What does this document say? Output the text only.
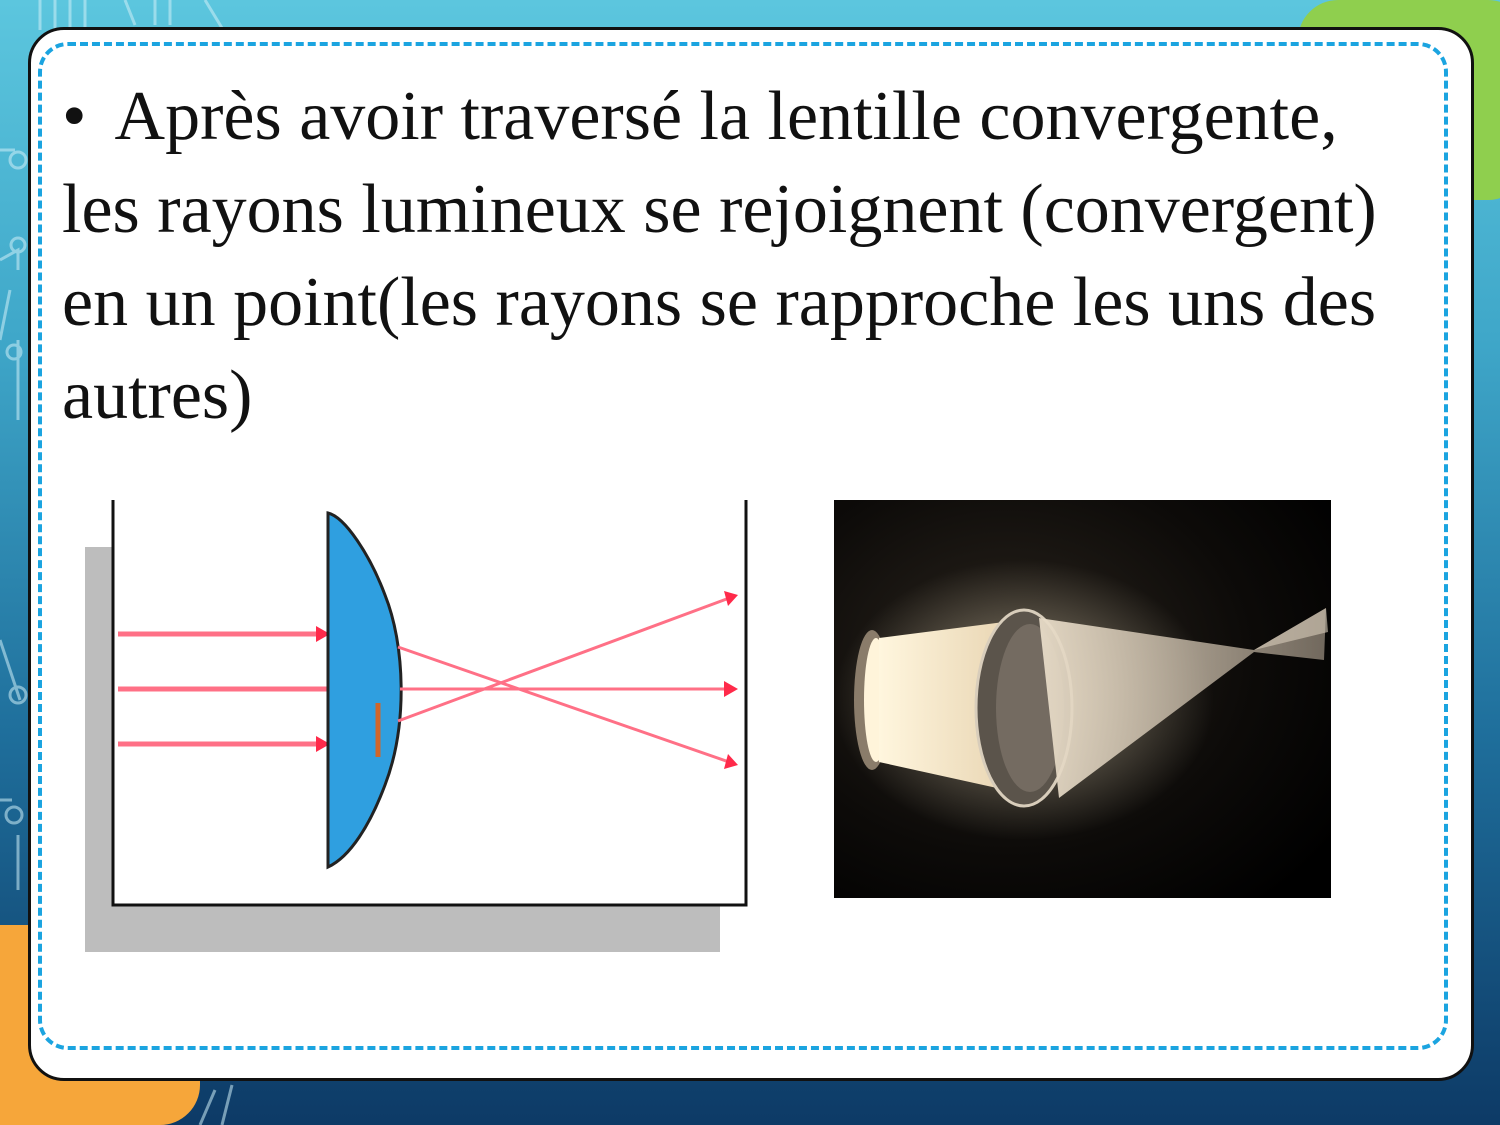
• Après avoir traversé la lentille convergente, les rayons lumineux se rejoignent (convergent) en un point(les rayons se rapproche les uns des autres)
